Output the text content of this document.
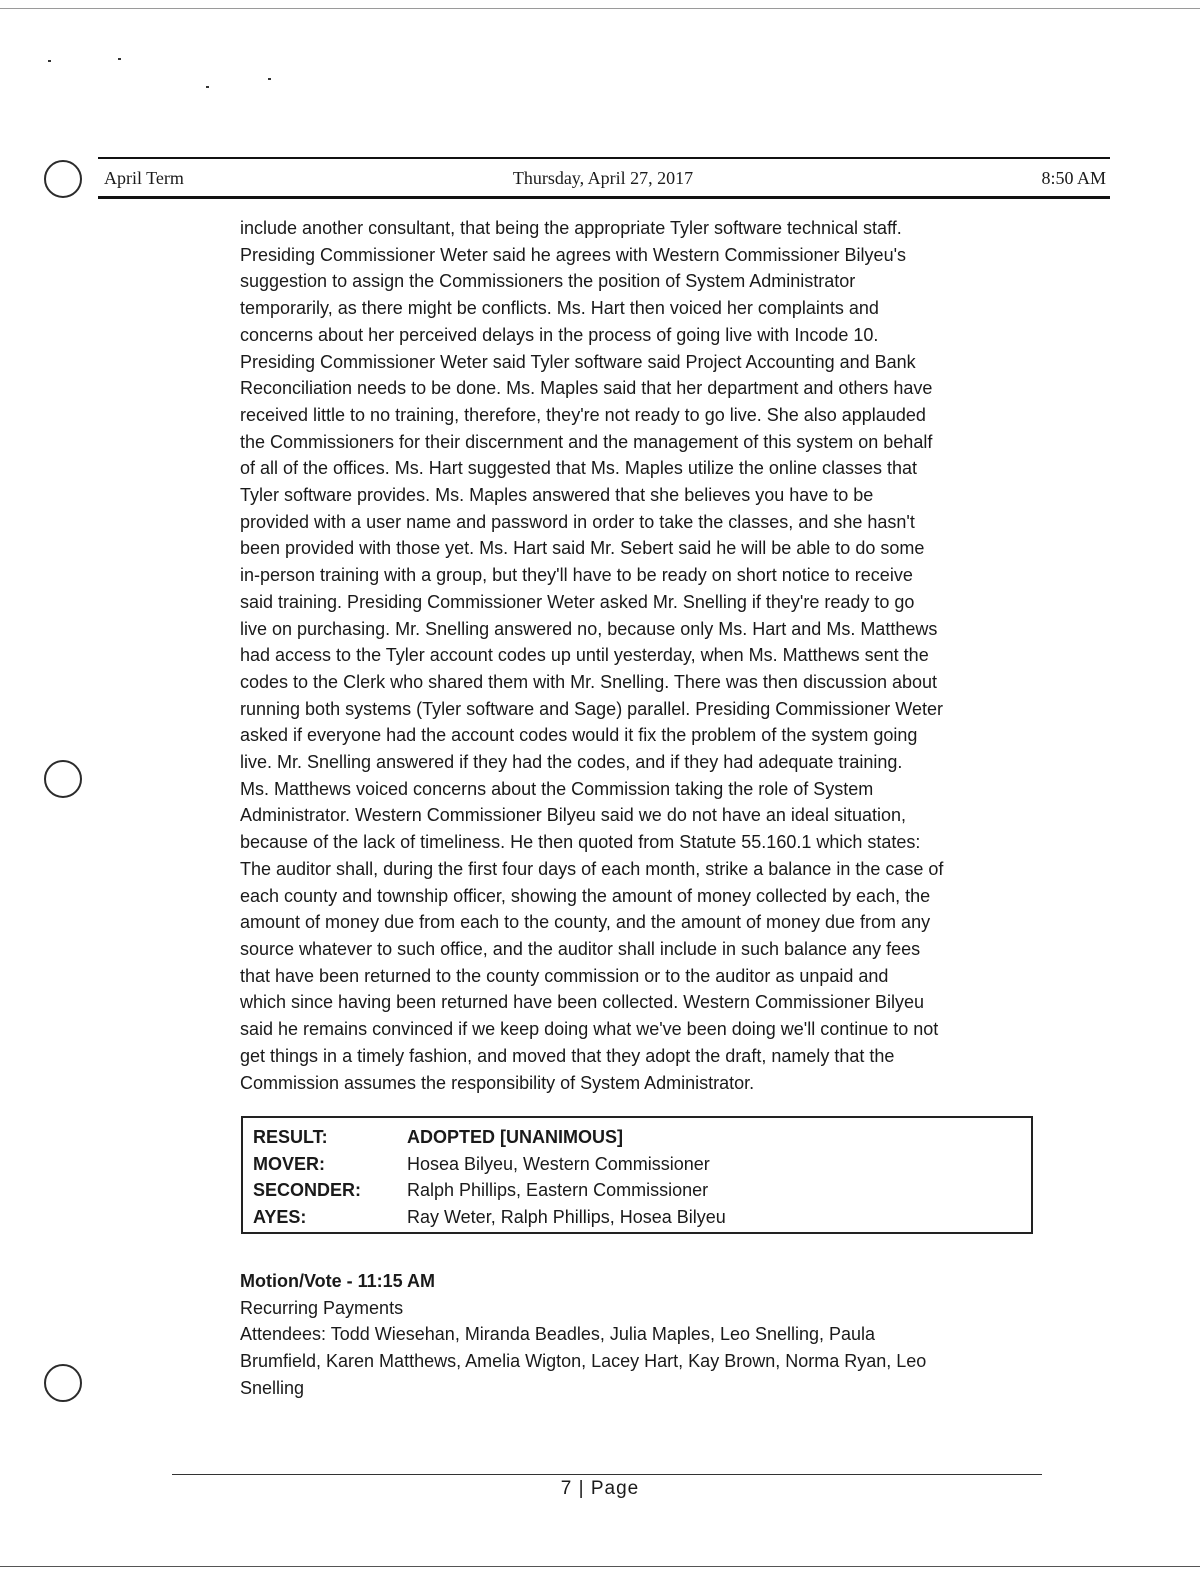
April Term	Thursday, April 27, 2017	8:50 AM

include another consultant, that being the appropriate Tyler software technical staff.

Presiding Commissioner Weter said he agrees with Western Commissioner Bilyeu's

suggestion to assign the Commissioners the position of System Administrator

temporarily, as there might be conflicts. Ms. Hart then voiced her complaints and

concerns about her perceived delays in the process of going live with Incode 10.

Presiding Commissioner Weter said Tyler software said Project Accounting and Bank

Reconciliation needs to be done. Ms. Maples said that her department and others have

received little to no training, therefore, they're not ready to go live. She also applauded

the Commissioners for their discernment and the management of this system on behalf

of all of the offices. Ms. Hart suggested that Ms. Maples utilize the online classes that

Tyler software provides. Ms. Maples answered that she believes you have to be

provided with a user name and password in order to take the classes, and she hasn't

been provided with those yet. Ms. Hart said Mr. Sebert said he will be able to do some

in-person training with a group, but they'll have to be ready on short notice to receive

said training. Presiding Commissioner Weter asked Mr. Snelling if they're ready to go

live on purchasing. Mr. Snelling answered no, because only Ms. Hart and Ms. Matthews

had access to the Tyler account codes up until yesterday, when Ms. Matthews sent the

codes to the Clerk who shared them with Mr. Snelling. There was then discussion about

running both systems (Tyler software and Sage) parallel. Presiding Commissioner Weter

asked if everyone had the account codes would it fix the problem of the system going

live. Mr. Snelling answered if they had the codes, and if they had adequate training.

Ms. Matthews voiced concerns about the Commission taking the role of System

Administrator. Western Commissioner Bilyeu said we do not have an ideal situation,

because of the lack of timeliness. He then quoted from Statute 55.160.1 which states:

The auditor shall, during the first four days of each month, strike a balance in the case of

each county and township officer, showing the amount of money collected by each, the

amount of money due from each to the county, and the amount of money due from any

source whatever to such office, and the auditor shall include in such balance any fees

that have been returned to the county commission or to the auditor as unpaid and

which since having been returned have been collected. Western Commissioner Bilyeu

said he remains convinced if we keep doing what we've been doing we'll continue to not

get things in a timely fashion, and moved that they adopt the draft, namely that the

Commission assumes the responsibility of System Administrator.

RESULT:	ADOPTED [UNANIMOUS]
MOVER:	Hosea Bilyeu, Western Commissioner
SECONDER:	Ralph Phillips, Eastern Commissioner
AYES:	Ray Weter, Ralph Phillips, Hosea Bilyeu

Motion/Vote - 11:15 AM

Recurring Payments

Attendees: Todd Wiesehan, Miranda Beadles, Julia Maples, Leo Snelling, Paula

Brumfield, Karen Matthews, Amelia Wigton, Lacey Hart, Kay Brown, Norma Ryan, Leo

Snelling

7 | Page
